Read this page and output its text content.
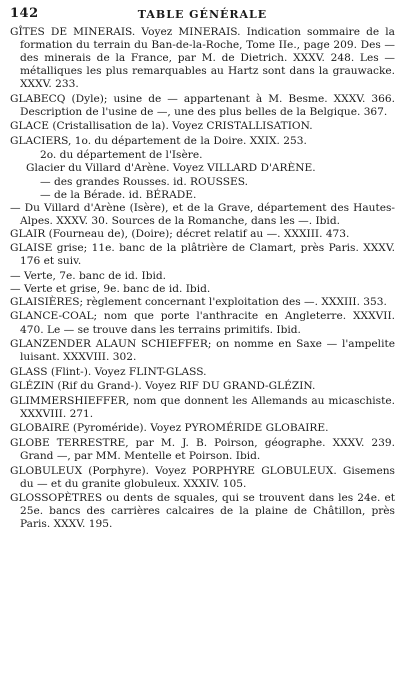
142	TABLE GÉNÉRALE

GÎTES DE MINERAIS. Voyez MINERAIS. Indication sommaire de la formation du terrain du Ban-de-la-Roche, Tome IIe., page 209. Des — des minerais de la France, par M. de Dietrich. XXXV. 248. Les — métalliques les plus remarquables au Hartz sont dans la grauwacke. XXXV. 233.

GLABECQ (Dyle); usine de — appartenant à M. Besme. XXXV. 366. Description de l'usine de —, une des plus belles de la Belgique. 367.

GLACE (Cristallisation de la). Voyez CRISTALLISATION.

GLACIERS, 1o. du département de la Doire. XXIX. 253.

2o. du département de l'Isère.

Glacier du Villard d'Arène. Voyez VILLARD D'ARÈNE.

— des grandes Rousses. id. ROUSSES.

— de la Bérade. id. BÉRADE.

— Du Villard d'Arène (Isère), et de la Grave, département des Hautes-Alpes. XXXV. 30. Sources de la Romanche, dans les —. Ibid.

GLAIR (Fourneau de), (Doire); décret relatif au —. XXXIII. 473.

GLAISE grise; 11e. banc de la plâtrière de Clamart, près Paris. XXXV. 176 et suiv.

— Verte, 7e. banc de id. Ibid.

— Verte et grise, 9e. banc de id. Ibid.

GLAISIÈRES; règlement concernant l'exploitation des —. XXXIII. 353.

GLANCE-COAL; nom que porte l'anthracite en Angleterre. XXXVII. 470. Le — se trouve dans les terrains primitifs. Ibid.

GLANZENDER ALAUN SCHIEFFER; on nomme en Saxe — l'ampelite luisant. XXXVIII. 302.

GLASS (Flint-). Voyez FLINT-GLASS.

GLÉZIN (Rif du Grand-). Voyez RIF DU GRAND-GLÉZIN.

GLIMMERSHIEFFER, nom que donnent les Allemands au micaschiste. XXXVIII. 271.

GLOBAIRE (Pyroméride). Voyez PYROMÉRIDE GLOBAIRE.

GLOBE TERRESTRE, par M. J. B. Poirson, géographe. XXXV. 239. Grand —, par MM. Mentelle et Poirson. Ibid.

GLOBULEUX (Porphyre). Voyez PORPHYRE GLOBULEUX. Gisemens du — et du granite globuleux. XXXIV. 105.

GLOSSOPÈTRES ou dents de squales, qui se trouvent dans les 24e. et 25e. bancs des carrières calcaires de la plaine de Châtillon, près Paris. XXXV. 195.
